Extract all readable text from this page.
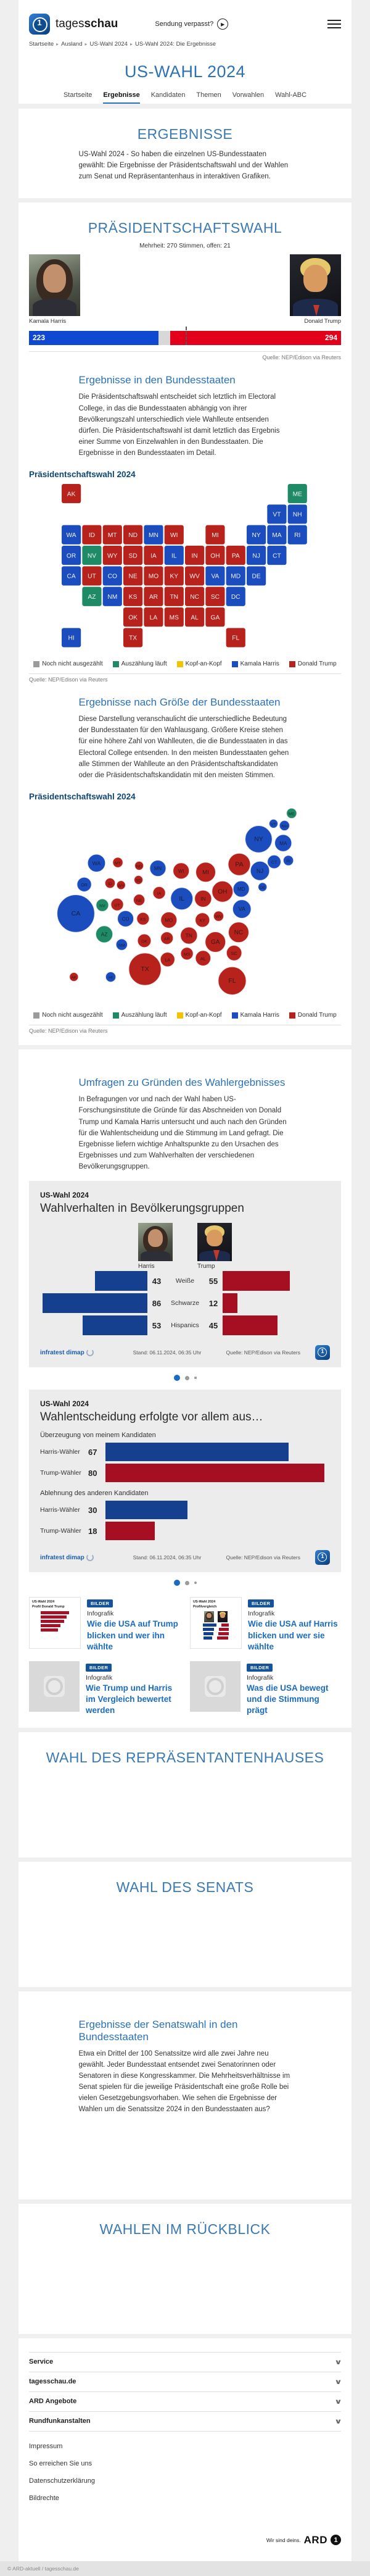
1	tagesschau	Sendung verpasst?	▶
Startseite ▸ Ausland ▸ US-Wahl 2024 ▸ US-Wahl 2024: Die Ergebnisse
US-WAHL 2024
Startseite Ergebnisse Kandidaten Themen Vorwahlen Wahl-ABC
ERGEBNISSE

US-Wahl 2024 - So haben die einzelnen US-Bundesstaaten gewählt: Die Ergebnisse der Präsidentschaftswahl und der Wahlen zum Senat und Repräsentantenhaus in interaktiven Grafiken.

PRÄSIDENTSCHAFTSWAHL
Mehrheit: 270 Stimmen, offen: 21
Kamala Harris	Donald Trump
223	294
Quelle: NEP/Edison via Reuters
Ergebnisse in den Bundesstaaten

Die Präsidentschaftswahl entscheidet sich letztlich im Electoral College, in das die Bundesstaaten abhängig von ihrer Bevölkerungszahl unterschiedlich viele Wahlleute entsenden dürfen. Die Präsidentschaftswahl ist damit letztlich das Ergebnis einer Summe von Einzelwahlen in den Bundesstaaten. Die Ergebnisse in den Bundesstaaten im Detail.

Präsidentschaftswahl 2024
AK	ME
VT NH
WA ID MT ND MN WI	MI	NY MA RI
OR NV WY SD IA	IL	IN OH PA NJ CT
CA UT CO NE MO KY WV VA MD DE
AZ NM KS AR TN NC SC DC
OK LA MS AL GA
HI	TX	FL
Noch nicht ausgezählt	Auszählung läuft	Kopf-an-Kopf	Kamala Harris	Donald Trump
Quelle: NEP/Edison via Reuters
Ergebnisse nach Größe der Bundesstaaten

Diese Darstellung veranschaulicht die unterschiedliche Bedeutung der Bundesstaaten für den Wahlausgang. Größere Kreise stehen für eine höhere Zahl von Wahlleuten, die die Bundesstaaten in das Electoral College entsenden. In den meisten Bundesstaaten gehen alle Stimmen der Wahlleute an den Präsidentschaftskandidaten oder die Präsidentschaftskandidatin mit den meisten Stimmen.

Präsidentschaftswahl 2024
AK
ME
VT NH
WA
ID
MT
ND	MN	WI	MI
NY
MA
RI
OR
NV
WY
SD
IA
IL	IN
OH
PA
NJ
CT
CA
UT
CO
NE
MO	KY
WV
VA
MD	DE
AZ
NM
KS
AR
TN	NC
SC
OK
LA
MS
AL
GA
HI
TX
FL
Noch nicht ausgezählt	Auszählung läuft	Kopf-an-Kopf	Kamala Harris	Donald Trump
Quelle: NEP/Edison via Reuters
Umfragen zu Gründen des Wahlergebnisses

In Befragungen vor und nach der Wahl haben US-Forschungsinstitute die Gründe für das Abschneiden von Donald Trump und Kamala Harris untersucht und auch nach den Gründen für die Wahlentscheidung und die Stimmung im Land gefragt. Die Ergebnisse liefern wichtige Anhaltspunkte zu den Ursachen des Ergebnisses und zum Wahlverhalten der verschiedenen Bevölkerungsgruppen.

US-Wahl 2024
Wahlverhalten in Bevölkerungsgruppen
Harris	Trump
43	Weiße	55
86	Schwarze	12
53	Hispanics	45
infratest dimap	Stand: 06.11.2024, 06:35 Uhr	Quelle: NEP/Edison via Reuters	1
US-Wahl 2024
Wahlentscheidung erfolgte vor allem aus…
Überzeugung von meinem Kandidaten
Harris-Wähler	67
Trump-Wähler 80
Ablehnung des anderen Kandidaten
Harris-Wähler	30
Trump-Wähler 18
infratest dimap	Stand: 06.11.2024, 06:35 Uhr	Quelle: NEP/Edison via Reuters	1
US-Wahl 2024
Profil Donald Trump
BILDER
Infografik
Wie die USA auf Trump blicken und wer ihn wählte
US-Wahl 2024
Profilvergleich
BILDER
Infografik
Wie die USA auf Harris blicken und wer sie wählte
BILDER
Infografik
Wie Trump und Harris im Vergleich bewertet werden
BILDER
Infografik
Was die USA bewegt und die Stimmung prägt
WAHL DES REPRÄSENTANTENHAUSES
WAHL DES SENATS
Ergebnisse der Senatswahl in den Bundesstaaten

Etwa ein Drittel der 100 Senatssitze wird alle zwei Jahre neu gewählt. Jeder Bundesstaat entsendet zwei Senatorinnen oder Senatoren in diese Kongresskammer. Die Mehrheitsverhältnisse im Senat spielen für die jeweilige Präsidentschaft eine große Rolle bei vielen Gesetzgebungsvorhaben. Wie sehen die Ergebnisse der Wahlen um die Senatssitze 2024 in den Bundesstaaten aus?

WAHLEN IM RÜCKBLICK
Service	∨
tagesschau.de	∨
ARD Angebote	∨
Rundfunkanstalten	∨
Impressum
So erreichen Sie uns
Datenschutzerklärung
Bildrechte
Wir sind deins. ARD 1
© ARD-aktuell / tagesschau.de
